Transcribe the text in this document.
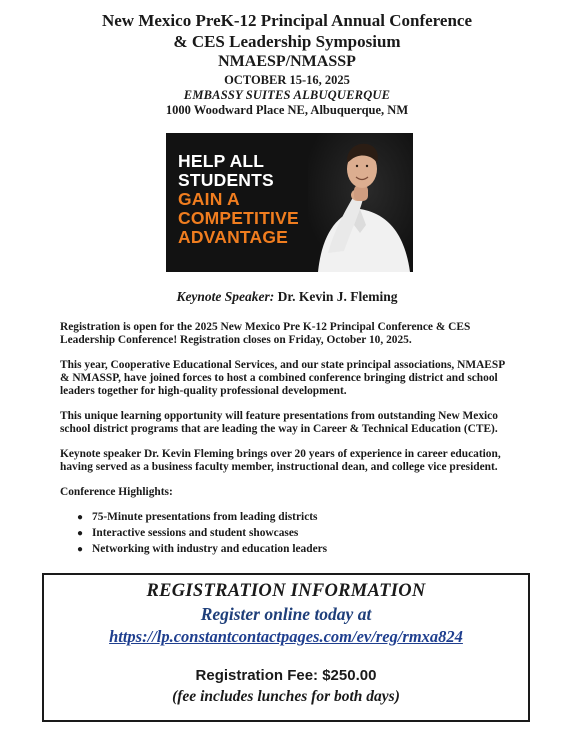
New Mexico PreK-12 Principal Annual Conference

& CES Leadership Symposium

NMAESP/NMASSP

OCTOBER 15-16, 2025

EMBASSY SUITES ALBUQUERQUE

1000 Woodward Place NE, Albuquerque, NM

HELP ALL
STUDENTS
GAIN A
COMPETITIVE
ADVANTAGE
Keynote Speaker: Dr. Kevin J. Fleming

Registration is open for the 2025 New Mexico Pre K-12 Principal Conference & CES Leadership Conference! Registration closes on Friday, October 10, 2025.

This year, Cooperative Educational Services, and our state principal associations, NMAESP & NMASSP, have joined forces to host a combined conference bringing district and school leaders together for high-quality professional development.

This unique learning opportunity will feature presentations from outstanding New Mexico school district programs that are leading the way in Career & Technical Education (CTE).

Keynote speaker Dr. Kevin Fleming brings over 20 years of experience in career education, having served as a business faculty member, instructional dean, and college vice president.

Conference Highlights:

● 75-Minute presentations from leading districts
● Interactive sessions and student showcases
● Networking with industry and education leaders
REGISTRATION INFORMATION
Register online today at
https://lp.constantcontactpages.com/ev/reg/rmxa824
Registration Fee: $250.00
(fee includes lunches for both days)
